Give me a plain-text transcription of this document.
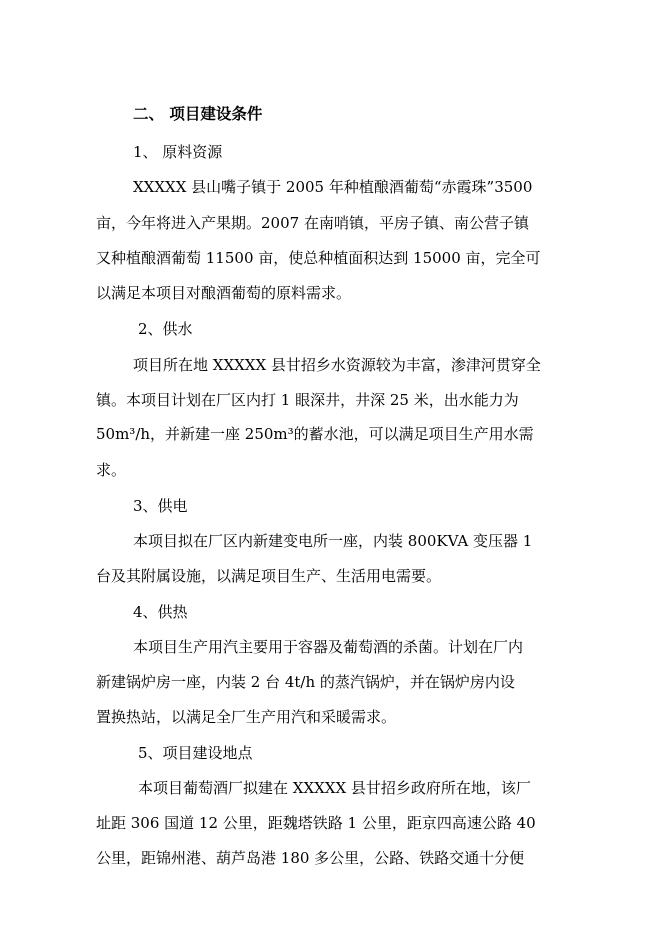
二、 项目建设条件
1、 原料资源
XXXXX 县山嘴子镇于 2005 年种植酿酒葡萄“赤霞珠”3500
亩，今年将进入产果期。2007 在南哨镇，平房子镇、南公营子镇
又种植酿酒葡萄 11500 亩，使总种植面积达到 15000 亩，完全可
以满足本项目对酿酒葡萄的原料需求。
2、供水
项目所在地 XXXXX 县甘招乡水资源较为丰富，渗津河贯穿全
镇。本项目计划在厂区内打 1 眼深井，井深 25 米，出水能力为
50m³/h，并新建一座 250m³的蓄水池，可以满足项目生产用水需
求。
3、供电
本项目拟在厂区内新建变电所一座，内装 800KVA 变压器 1
台及其附属设施，以满足项目生产、生活用电需要。
4、供热
本项目生产用汽主要用于容器及葡萄酒的杀菌。计划在厂内
新建锅炉房一座，内装 2 台 4t/h 的蒸汽锅炉，并在锅炉房内设
置换热站，以满足全厂生产用汽和采暖需求。
5、项目建设地点
本项目葡萄酒厂拟建在 XXXXX 县甘招乡政府所在地，该厂
址距 306 国道 12 公里，距魏塔铁路 1 公里，距京四高速公路 40
公里，距锦州港、葫芦岛港 180 多公里，公路、铁路交通十分便
